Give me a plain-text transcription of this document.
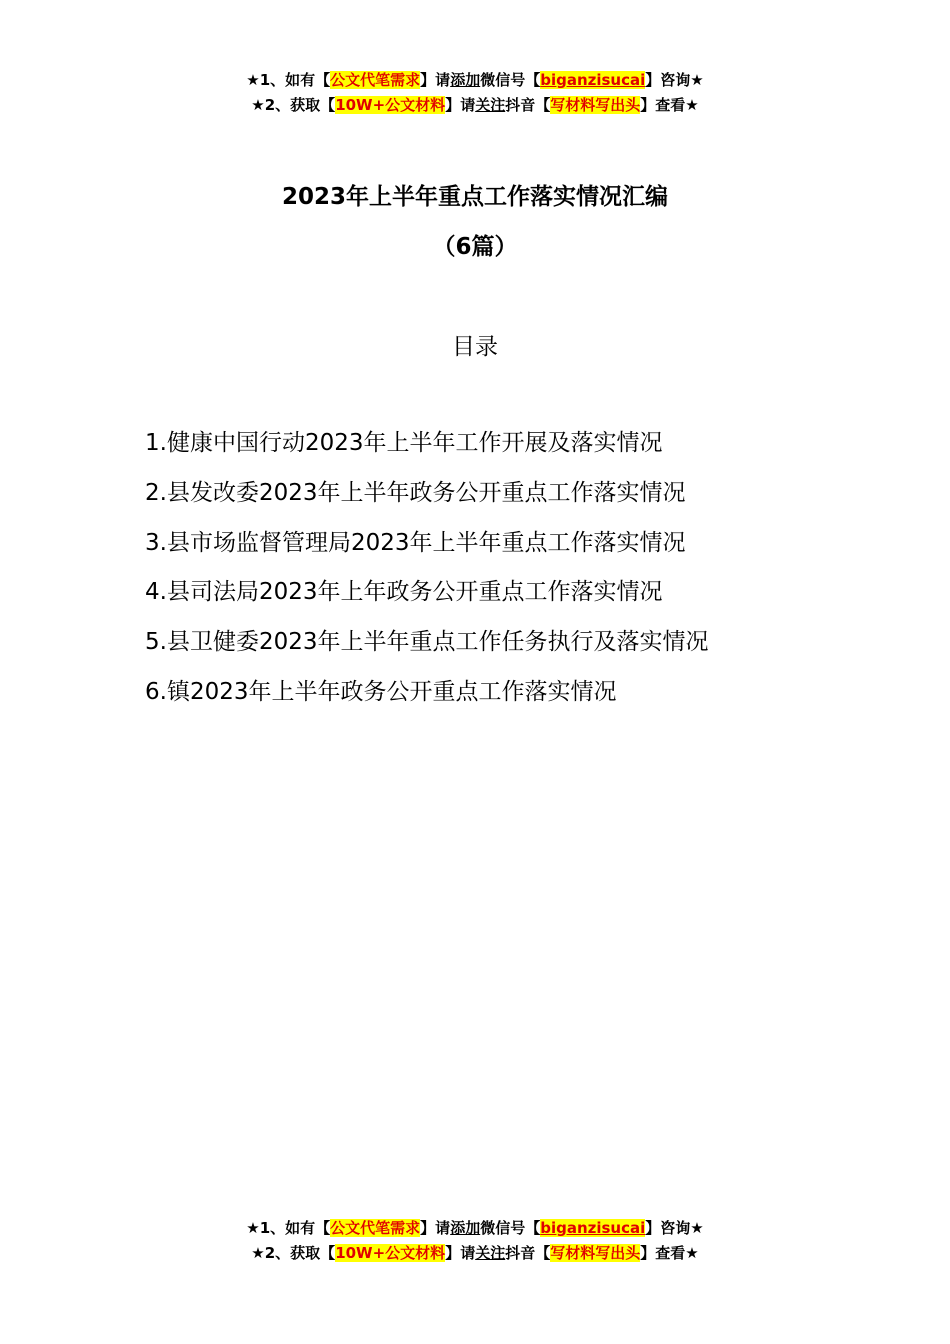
★1、如有【公文代笔需求】请添加微信号【biganzisucai】咨询★
★2、获取【10W+公文材料】请关注抖音【写材料写出头】查看★
2023年上半年重点工作落实情况汇编
（6篇）
目录
1.健康中国行动2023年上半年工作开展及落实情况
2.县发改委2023年上半年政务公开重点工作落实情况
3.县市场监督管理局2023年上半年重点工作落实情况
4.县司法局2023年上年政务公开重点工作落实情况
5.县卫健委2023年上半年重点工作任务执行及落实情况
6.镇2023年上半年政务公开重点工作落实情况
★1、如有【公文代笔需求】请添加微信号【biganzisucai】咨询★
★2、获取【10W+公文材料】请关注抖音【写材料写出头】查看★
